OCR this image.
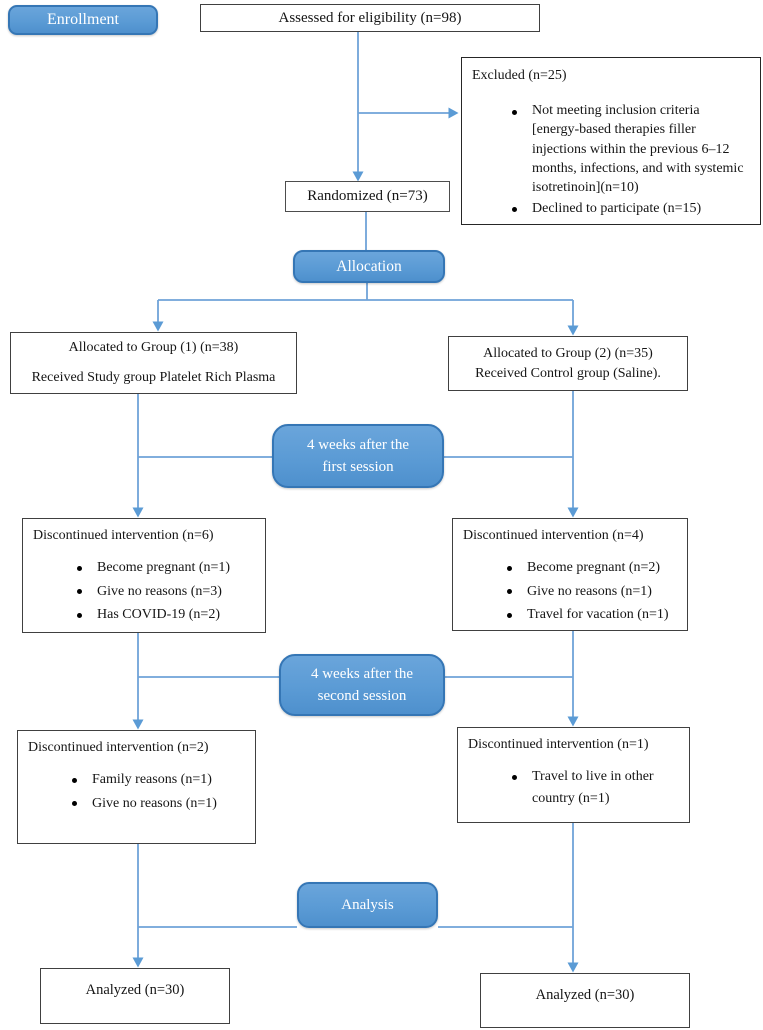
Enrollment	Assessed for eligibility (n=98)
Excluded (n=25)
Not meeting inclusion criteria [energy-based therapies filler injections within the previous 6–12 months, infections, and with systemic isotretinoin](n=10)
Declined to participate (n=15)
Randomized (n=73)
Allocation
Allocated to Group (1) (n=38)
Received Study group Platelet Rich Plasma
Allocated to Group (2) (n=35)
Received Control group (Saline).
4 weeks after the
first session
Discontinued intervention (n=6)
Become pregnant (n=1)
Give no reasons (n=3)
Has COVID-19 (n=2)
Discontinued intervention (n=4)
Become pregnant (n=2)
Give no reasons (n=1)
Travel for vacation (n=1)
4 weeks after the
second session
Discontinued intervention (n=2)
Family reasons (n=1)
Give no reasons (n=1)
Discontinued intervention (n=1)
Travel to live in other country (n=1)
Analysis
Analyzed (n=30)	Analyzed (n=30)
